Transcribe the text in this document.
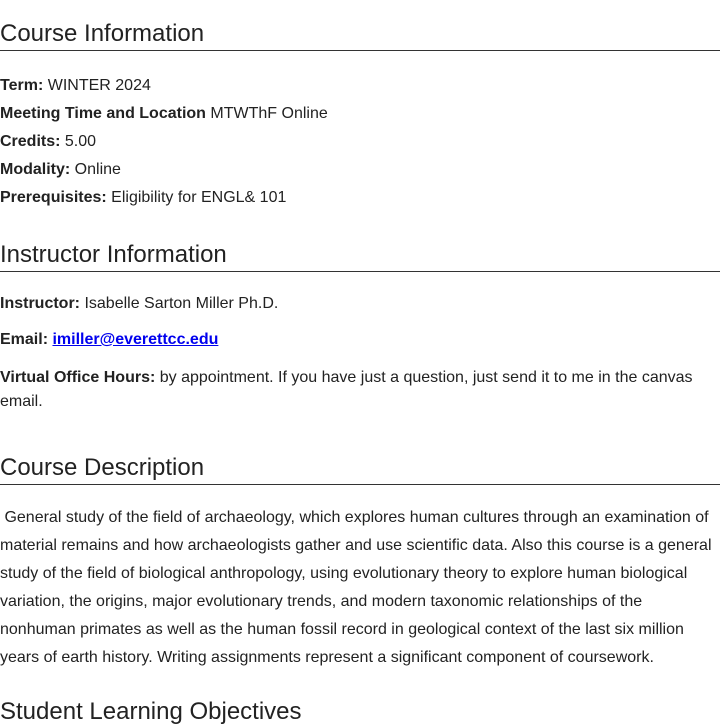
Course Information
Term: WINTER 2024
Meeting Time and Location MTWThF Online
Credits: 5.00
Modality: Online
Prerequisites: Eligibility for ENGL& 101
Instructor Information
Instructor: Isabelle Sarton Miller Ph.D.
Email: imiller@everettcc.edu
Virtual Office Hours: by appointment. If you have just a question, just send it to me in the canvas email.
Course Description
General study of the field of archaeology, which explores human cultures through an examination of material remains and how archaeologists gather and use scientific data. Also this course is a general study of the field of biological anthropology, using evolutionary theory to explore human biological variation, the origins, major evolutionary trends, and modern taxonomic relationships of the nonhuman primates as well as the human fossil record in geological context of the last six million years of earth history. Writing assignments represent a significant component of coursework.
Student Learning Objectives
